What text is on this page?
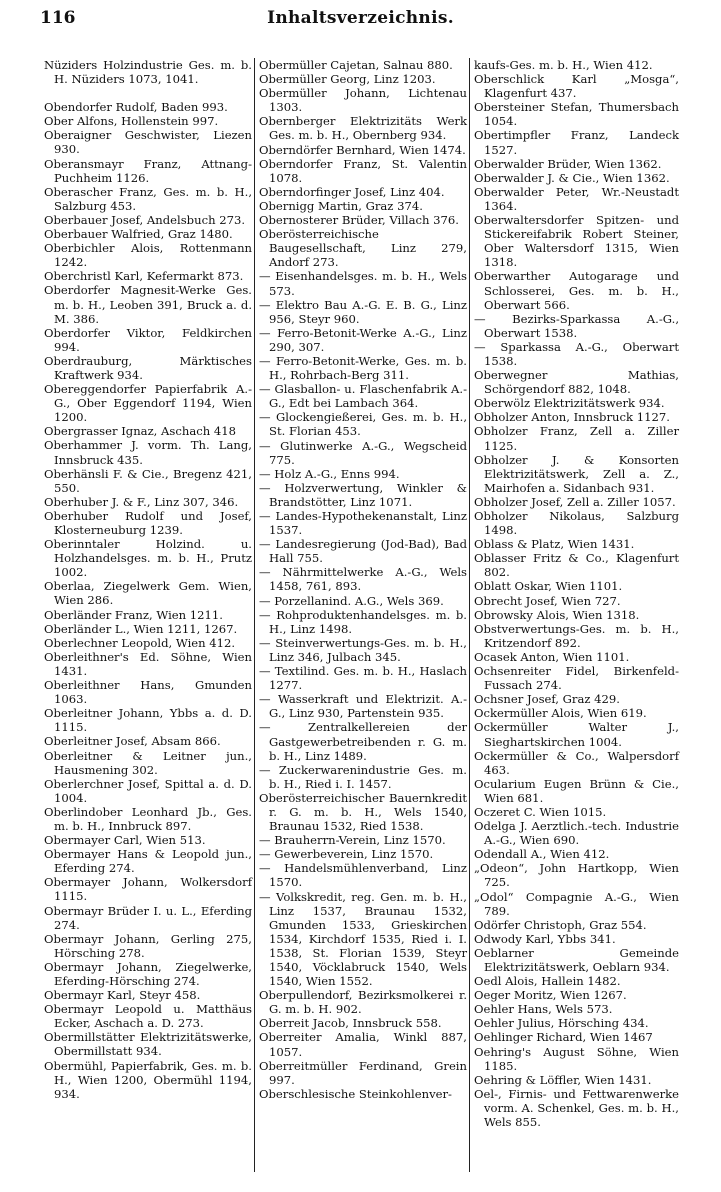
116	Inhaltsverzeichnis.
Nüziders Holzindustrie Ges. m. b. H. Nüziders 1073, 1041.
Obendorfer Rudolf, Baden 993.
Ober Alfons, Hollenstein 997.
Oberaigner Geschwister, Liezen 930.
Oberansmayr Franz, Attnang-Puchheim 1126.
Oberascher Franz, Ges. m. b. H., Salzburg 453.
Oberbauer Josef, Andelsbuch 273.
Oberbauer Walfried, Graz 1480.
Oberbichler Alois, Rottenmann 1242.
Oberchristl Karl, Kefermarkt 873.
Oberdorfer Magnesit-Werke Ges. m. b. H., Leoben 391, Bruck a. d. M. 386.
Oberdorfer Viktor, Feldkirchen 994.
Oberdrauburg, Märktisches Kraftwerk 934.
Obereggendorfer Papierfabrik A.-G., Ober Eggendorf 1194, Wien 1200.
Obergrasser Ignaz, Aschach 418
Oberhammer J. vorm. Th. Lang, Innsbruck 435.
Oberhänsli F. & Cie., Bregenz 421, 550.
Oberhuber J. & F., Linz 307, 346.
Oberhuber Rudolf und Josef, Klosterneuburg 1239.
Oberinntaler Holzind. u. Holzhandelsges. m. b. H., Prutz 1002.
Oberlaa, Ziegelwerk Gem. Wien, Wien 286.
Oberländer Franz, Wien 1211.
Oberländer L., Wien 1211, 1267.
Oberlechner Leopold, Wien 412.
Oberleithner's Ed. Söhne, Wien 1431.
Oberleithner Hans, Gmunden 1063.
Oberleitner Johann, Ybbs a. d. D. 1115.
Oberleitner Josef, Absam 866.
Oberleitner & Leitner jun., Hausmening 302.
Oberlerchner Josef, Spittal a. d. D. 1004.
Oberlindober Leonhard Jb., Ges. m. b. H., Innbruck 897.
Obermayer Carl, Wien 513.
Obermayer Hans & Leopold jun., Eferding 274.
Obermayer Johann, Wolkersdorf 1115.
Obermayr Brüder I. u. L., Eferding 274.
Obermayr Johann, Gerling 275, Hörsching 278.
Obermayr Johann, Ziegelwerke, Eferding-Hörsching 274.
Obermayr Karl, Steyr 458.
Obermayr Leopold u. Matthäus Ecker, Aschach a. D. 273.
Obermillstätter Elektrizitätswerke, Obermillstatt 934.
Obermühl, Papierfabrik, Ges. m. b. H., Wien 1200, Obermühl 1194, 934.
Obermüller Cajetan, Salnau 880.
Obermüller Georg, Linz 1203.
Obermüller Johann, Lichtenau 1303.
Obernberger Elektrizitäts Werk Ges. m. b. H., Obernberg 934.
Oberndörfer Bernhard, Wien 1474.
Oberndorfer Franz, St. Valentin 1078.
Oberndorfinger Josef, Linz 404.
Obernigg Martin, Graz 374.
Obernosterer Brüder, Villach 376.
Oberösterreichische Baugesellschaft, Linz 279, Andorf 273.
— Eisenhandelsges. m. b. H., Wels 573.
— Elektro Bau A.-G. E. B. G., Linz 956, Steyr 960.
— Ferro-Betonit-Werke A.-G., Linz 290, 307.
— Ferro-Betonit-Werke, Ges. m. b. H., Rohrbach-Berg 311.
— Glasballon- u. Flaschenfabrik A.-G., Edt bei Lambach 364.
— Glockengießerei, Ges. m. b. H., St. Florian 453.
— Glutinwerke A.-G., Wegscheid 775.
— Holz A.-G., Enns 994.
— Holzverwertung, Winkler & Brandstötter, Linz 1071.
— Landes-Hypothekenanstalt, Linz 1537.
— Landesregierung (Jod-Bad), Bad Hall 755.
— Nährmittelwerke A.-G., Wels 1458, 761, 893.
— Porzellanind. A.G., Wels 369.
— Rohproduktenhandelsges. m. b. H., Linz 1498.
— Steinverwertungs-Ges. m. b. H., Linz 346, Julbach 345.
— Textilind. Ges. m. b. H., Haslach 1277.
— Wasserkraft und Elektrizit. A.-G., Linz 930, Partenstein 935.
— Zentralkellereien der Gastgewerbetreibenden r. G. m. b. H., Linz 1489.
— Zuckerwarenindustrie Ges. m. b. H., Ried i. I. 1457.
Oberösterreichischer Bauernkredit r. G. m. b. H., Wels 1540, Braunau 1532, Ried 1538.
— Brauherrn-Verein, Linz 1570.
— Gewerbeverein, Linz 1570.
— Handelsmühlenverband, Linz 1570.
— Volkskredit, reg. Gen. m. b. H., Linz 1537, Braunau 1532, Gmunden 1533, Grieskirchen 1534, Kirchdorf 1535, Ried i. I. 1538, St. Florian 1539, Steyr 1540, Vöcklabruck 1540, Wels 1540, Wien 1552.
Oberpullendorf, Bezirksmolkerei r. G. m. b. H. 902.
Oberreit Jacob, Innsbruck 558.
Oberreiter Amalia, Winkl 887, 1057.
Oberreitmüller Ferdinand, Grein 997.
Oberschlesische Steinkohlenver-
kaufs-Ges. m. b. H., Wien 412.
Oberschlick Karl „Mosga“, Klagenfurt 437.
Obersteiner Stefan, Thumersbach 1054.
Obertimpfler Franz, Landeck 1527.
Oberwalder Brüder, Wien 1362.
Oberwalder J. & Cie., Wien 1362.
Oberwalder Peter, Wr.-Neustadt 1364.
Oberwaltersdorfer Spitzen- und Stickereifabrik Robert Steiner, Ober Waltersdorf 1315, Wien 1318.
Oberwarther Autogarage und Schlosserei, Ges. m. b. H., Oberwart 566.
— Bezirks-Sparkassa A.-G., Oberwart 1538.
— Sparkassa A.-G., Oberwart 1538.
Oberwegner Mathias, Schörgendorf 882, 1048.
Oberwölz Elektrizitätswerk 934.
Obholzer Anton, Innsbruck 1127.
Obholzer Franz, Zell a. Ziller 1125.
Obholzer J. & Konsorten Elektrizitätswerk, Zell a. Z., Mairhofen a. Sidanbach 931.
Obholzer Josef, Zell a. Ziller 1057.
Obholzer Nikolaus, Salzburg 1498.
Oblass & Platz, Wien 1431.
Oblasser Fritz & Co., Klagenfurt 802.
Oblatt Oskar, Wien 1101.
Obrecht Josef, Wien 727.
Obrowsky Alois, Wien 1318.
Obstverwertungs-Ges. m. b. H., Kritzendorf 892.
Ocasek Anton, Wien 1101.
Ochsenreiter Fidel, Birkenfeld-Fussach 274.
Ochsner Josef, Graz 429.
Ockermüller Alois, Wien 619.
Ockermüller Walter J., Sieghartskirchen 1004.
Ockermüller & Co., Walpersdorf 463.
Ocularium Eugen Brünn & Cie., Wien 681.
Oczeret C. Wien 1015.
Odelga J. Aerztlich.-tech. Industrie A.-G., Wien 690.
Odendall A., Wien 412.
„Odeon“, John Hartkopp, Wien 725.
„Odol“ Compagnie A.-G., Wien 789.
Odörfer Christoph, Graz 554.
Odwody Karl, Ybbs 341.
Oeblarner Gemeinde Elektrizitätswerk, Oeblarn 934.
Oedl Alois, Hallein 1482.
Oeger Moritz, Wien 1267.
Oehler Hans, Wels 573.
Oehler Julius, Hörsching 434.
Oehlinger Richard, Wien 1467
Oehring's August Söhne, Wien 1185.
Oehring & Löffler, Wien 1431.
Oel-, Firnis- und Fettwarenwerke vorm. A. Schenkel, Ges. m. b. H., Wels 855.
